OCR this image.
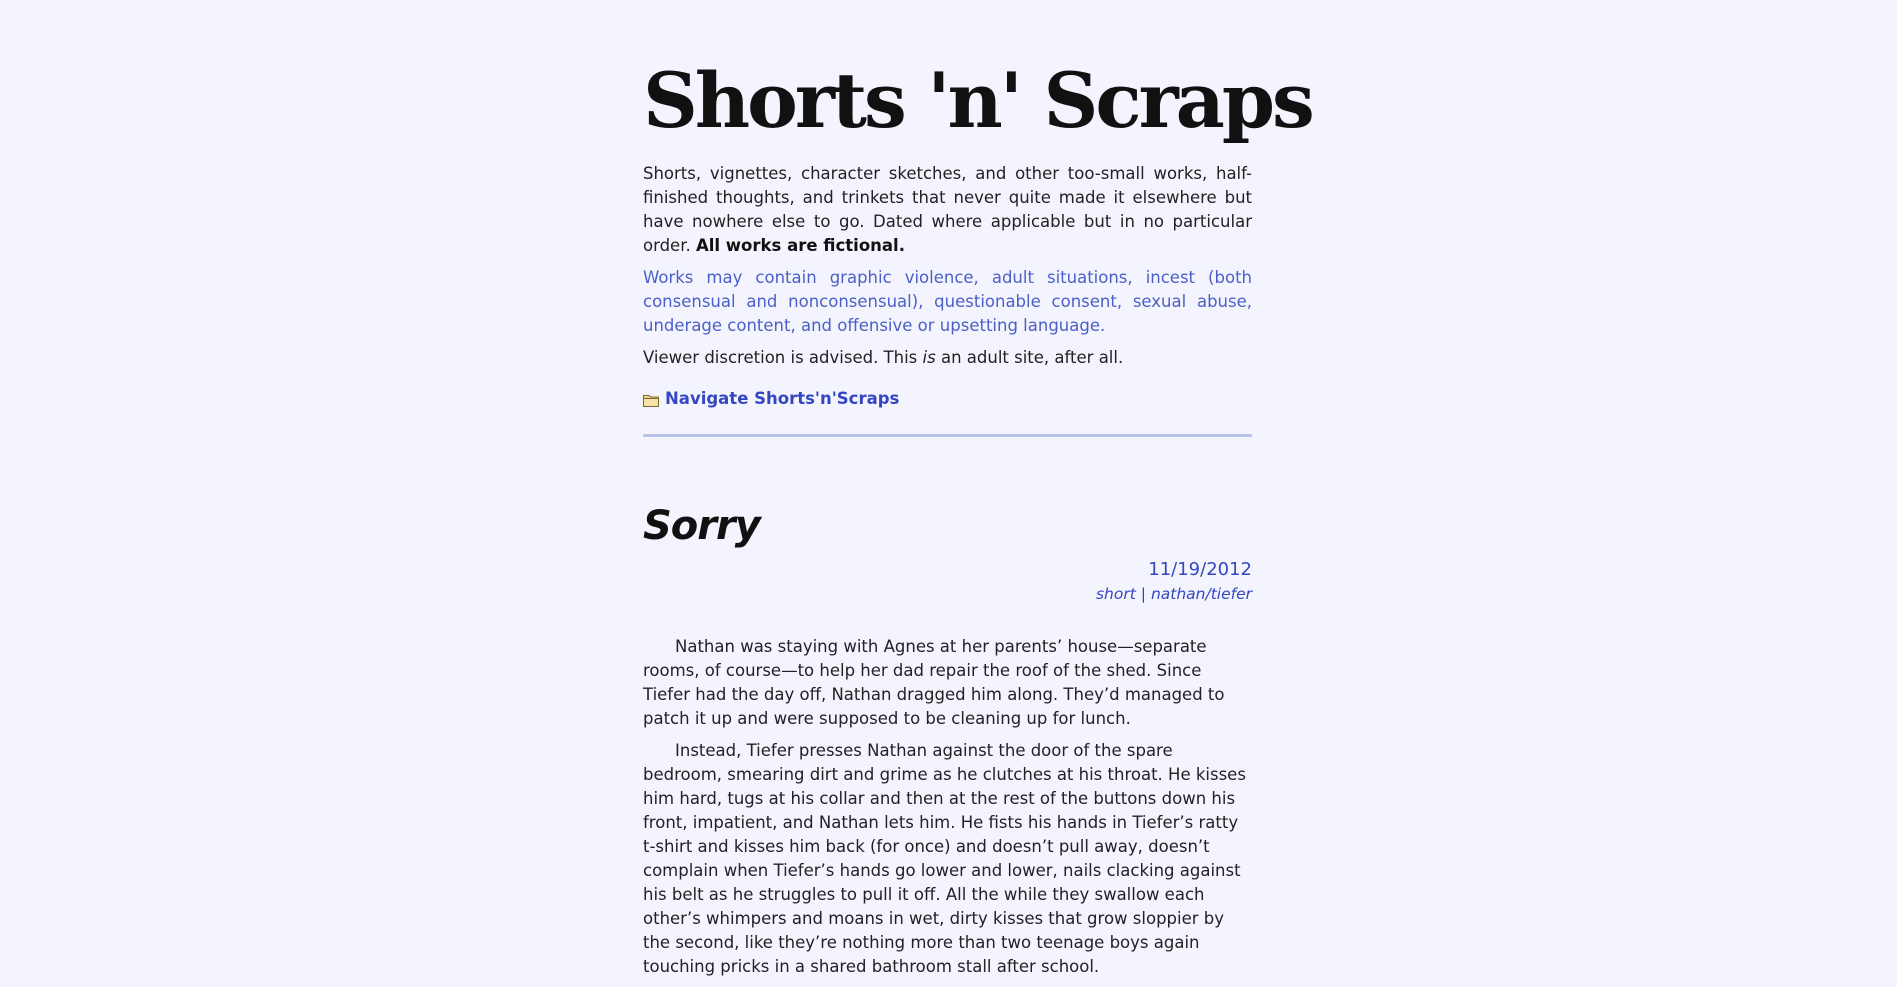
Shorts 'n' Scraps

Shorts, vignettes, character sketches, and other too-small works, half-finished thoughts, and trinkets that never quite made it elsewhere but have nowhere else to go. Dated where applicable but in no particular order. All works are fictional.

Works may contain graphic violence, adult situations, incest (both consensual and nonconsensual), questionable consent, sexual abuse, underage content, and offensive or upsetting language.

Viewer discretion is advised. This is an adult site, after all.

Navigate Shorts'n'Scraps
Sorry
11/19/2012
short | nathan/tiefer

Nathan was staying with Agnes at her parents’ house—separate rooms, of course—to help her dad repair the roof of the shed. Since Tiefer had the day off, Nathan dragged him along. They’d managed to patch it up and were supposed to be cleaning up for lunch.

Instead, Tiefer presses Nathan against the door of the spare bedroom, smearing dirt and grime as he clutches at his throat. He kisses him hard, tugs at his collar and then at the rest of the buttons down his front, impatient, and Nathan lets him. He fists his hands in Tiefer’s ratty t-shirt and kisses him back (for once) and doesn’t pull away, doesn’t complain when Tiefer’s hands go lower and lower, nails clacking against his belt as he struggles to pull it off. All the while they swallow each other’s whimpers and moans in wet, dirty kisses that grow sloppier by the second, like they’re nothing more than two teenage boys again touching pricks in a shared bathroom stall after school.
